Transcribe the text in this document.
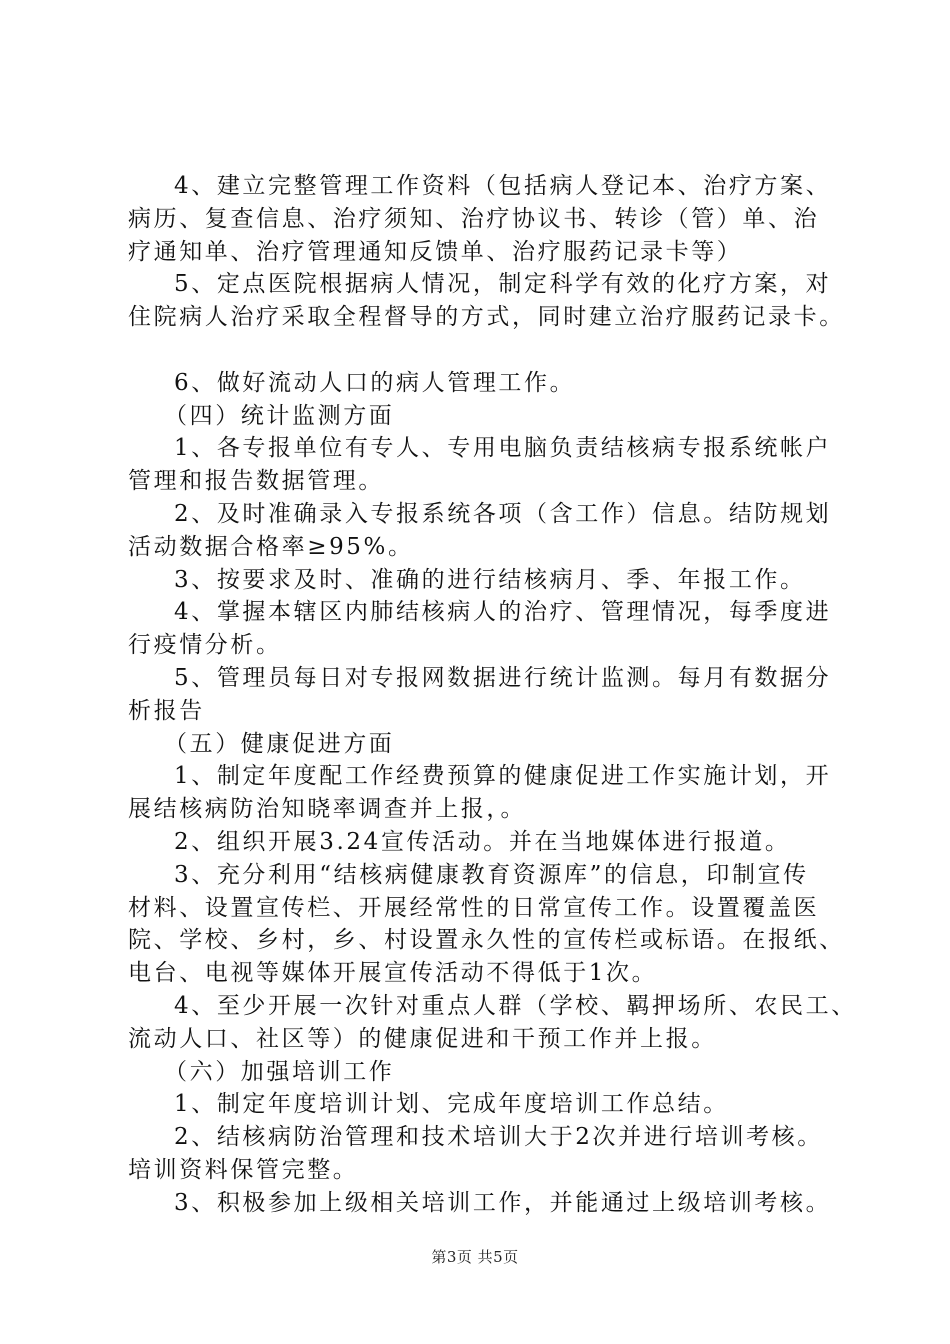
4、建立完整管理工作资料（包括病人登记本、治疗方案、
病历、复查信息、治疗须知、治疗协议书、转诊（管）单、治
疗通知单、治疗管理通知反馈单、治疗服药记录卡等）
5、定点医院根据病人情况，制定科学有效的化疗方案，对
住院病人治疗采取全程督导的方式，同时建立治疗服药记录卡。
6、做好流动人口的病人管理工作。
（四）统计监测方面
1、各专报单位有专人、专用电脑负责结核病专报系统帐户
管理和报告数据管理。
2、及时准确录入专报系统各项（含工作）信息。结防规划
活动数据合格率≥95%。
3、按要求及时、准确的进行结核病月、季、年报工作。
4、掌握本辖区内肺结核病人的治疗、管理情况，每季度进
行疫情分析。
5、管理员每日对专报网数据进行统计监测。每月有数据分
析报告
（五）健康促进方面
1、制定年度配工作经费预算的健康促进工作实施计划，开
展结核病防治知晓率调查并上报，。
2、组织开展3.24宣传活动。并在当地媒体进行报道。
3、充分利用“结核病健康教育资源库”的信息，印制宣传
材料、设置宣传栏、开展经常性的日常宣传工作。设置覆盖医
院、学校、乡村，乡、村设置永久性的宣传栏或标语。在报纸、
电台、电视等媒体开展宣传活动不得低于1次。
4、至少开展一次针对重点人群（学校、羁押场所、农民工、
流动人口、社区等）的健康促进和干预工作并上报。
（六）加强培训工作
1、制定年度培训计划、完成年度培训工作总结。
2、结核病防治管理和技术培训大于2次并进行培训考核。
培训资料保管完整。
3、积极参加上级相关培训工作，并能通过上级培训考核。
第3页 共5页
